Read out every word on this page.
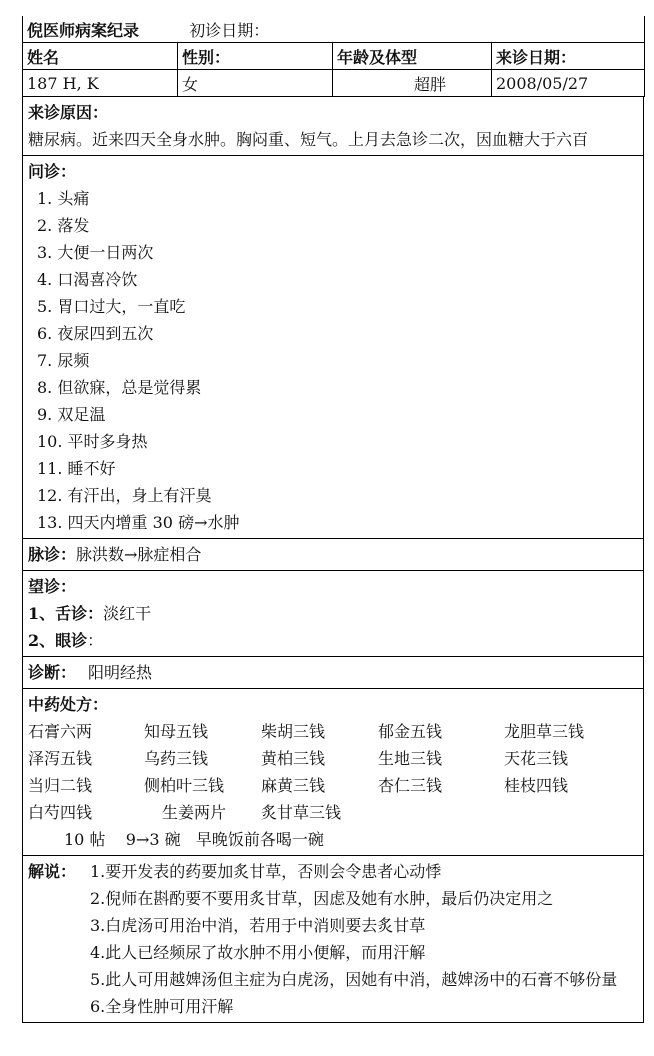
倪医师病案纪录 初诊日期：			
姓名	性别：	年龄及体型	来诊日期：
187 H, K	女	超胖	2008/05/27
来诊原因：
糖尿病。近来四天全身水肿。胸闷重、短气。上月去急诊二次，因血糖大于六百
问诊：
1. 头痛
2. 落发
3. 大便一日两次
4. 口渴喜冷饮
5. 胃口过大，一直吃
6. 夜尿四到五次
7. 尿频
8. 但欲寐，总是觉得累
9. 双足温
10. 平时多身热
11. 睡不好
12. 有汗出，身上有汗臭
13. 四天内增重 30 磅→水肿
脉诊：脉洪数→脉症相合
望诊：
1、舌诊：淡红干
2、眼诊：
诊断： 阳明经热
中药处方：
石膏六两	知母五钱	柴胡三钱	郁金五钱	龙胆草三钱
泽泻五钱	乌药三钱	黄柏三钱	生地三钱	天花三钱
当归二钱	侧柏叶三钱	麻黄三钱	杏仁三钱	桂枝四钱
白芍四钱	生姜两片	炙甘草三钱
10 帖    9→3 碗   早晚饭前各喝一碗
解说： 1.要开发表的药要加炙甘草，否则会令患者心动悸
2.倪师在斟酌要不要用炙甘草，因虑及她有水肿，最后仍决定用之
3.白虎汤可用治中消，若用于中消则要去炙甘草
4.此人已经频尿了故水肿不用小便解，而用汗解
5.此人可用越婢汤但主症为白虎汤，因她有中消，越婢汤中的石膏不够份量
6.全身性肿可用汗解
